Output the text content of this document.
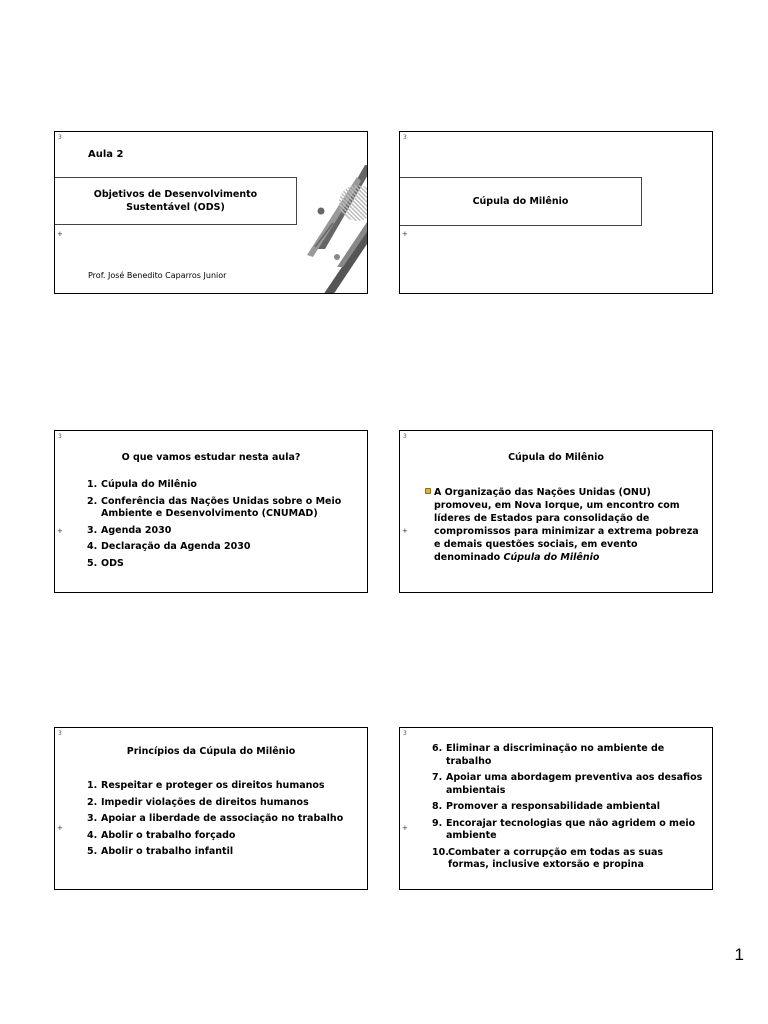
3
+
Aula 2
Objetivos de Desenvolvimento
Sustentável (ODS)
Prof. José Benedito Caparros Junior
3
+
Cúpula do Milênio
3
+
O que vamos estudar nesta aula?
1. Cúpula do Milênio
2. Conferência das Nações Unidas sobre o Meio Ambiente e Desenvolvimento (CNUMAD)
3. Agenda 2030
4. Declaração da Agenda 2030
5. ODS
3
+
Cúpula do Milênio
A Organização das Nações Unidas (ONU) promoveu, em Nova Iorque, um encontro com líderes de Estados para consolidação de compromissos para minimizar a extrema pobreza e demais questões sociais, em evento denominado Cúpula do Milênio
3
+
Princípios da Cúpula do Milênio
1. Respeitar e proteger os direitos humanos
2. Impedir violações de direitos humanos
3. Apoiar a liberdade de associação no trabalho
4. Abolir o trabalho forçado
5. Abolir o trabalho infantil
3
+
6. Eliminar a discriminação no ambiente de trabalho
7. Apoiar uma abordagem preventiva aos desafios ambientais
8. Promover a responsabilidade ambiental
9. Encorajar tecnologias que não agridem o meio ambiente
10. Combater a corrupção em todas as suas formas, inclusive extorsão e propina
1
